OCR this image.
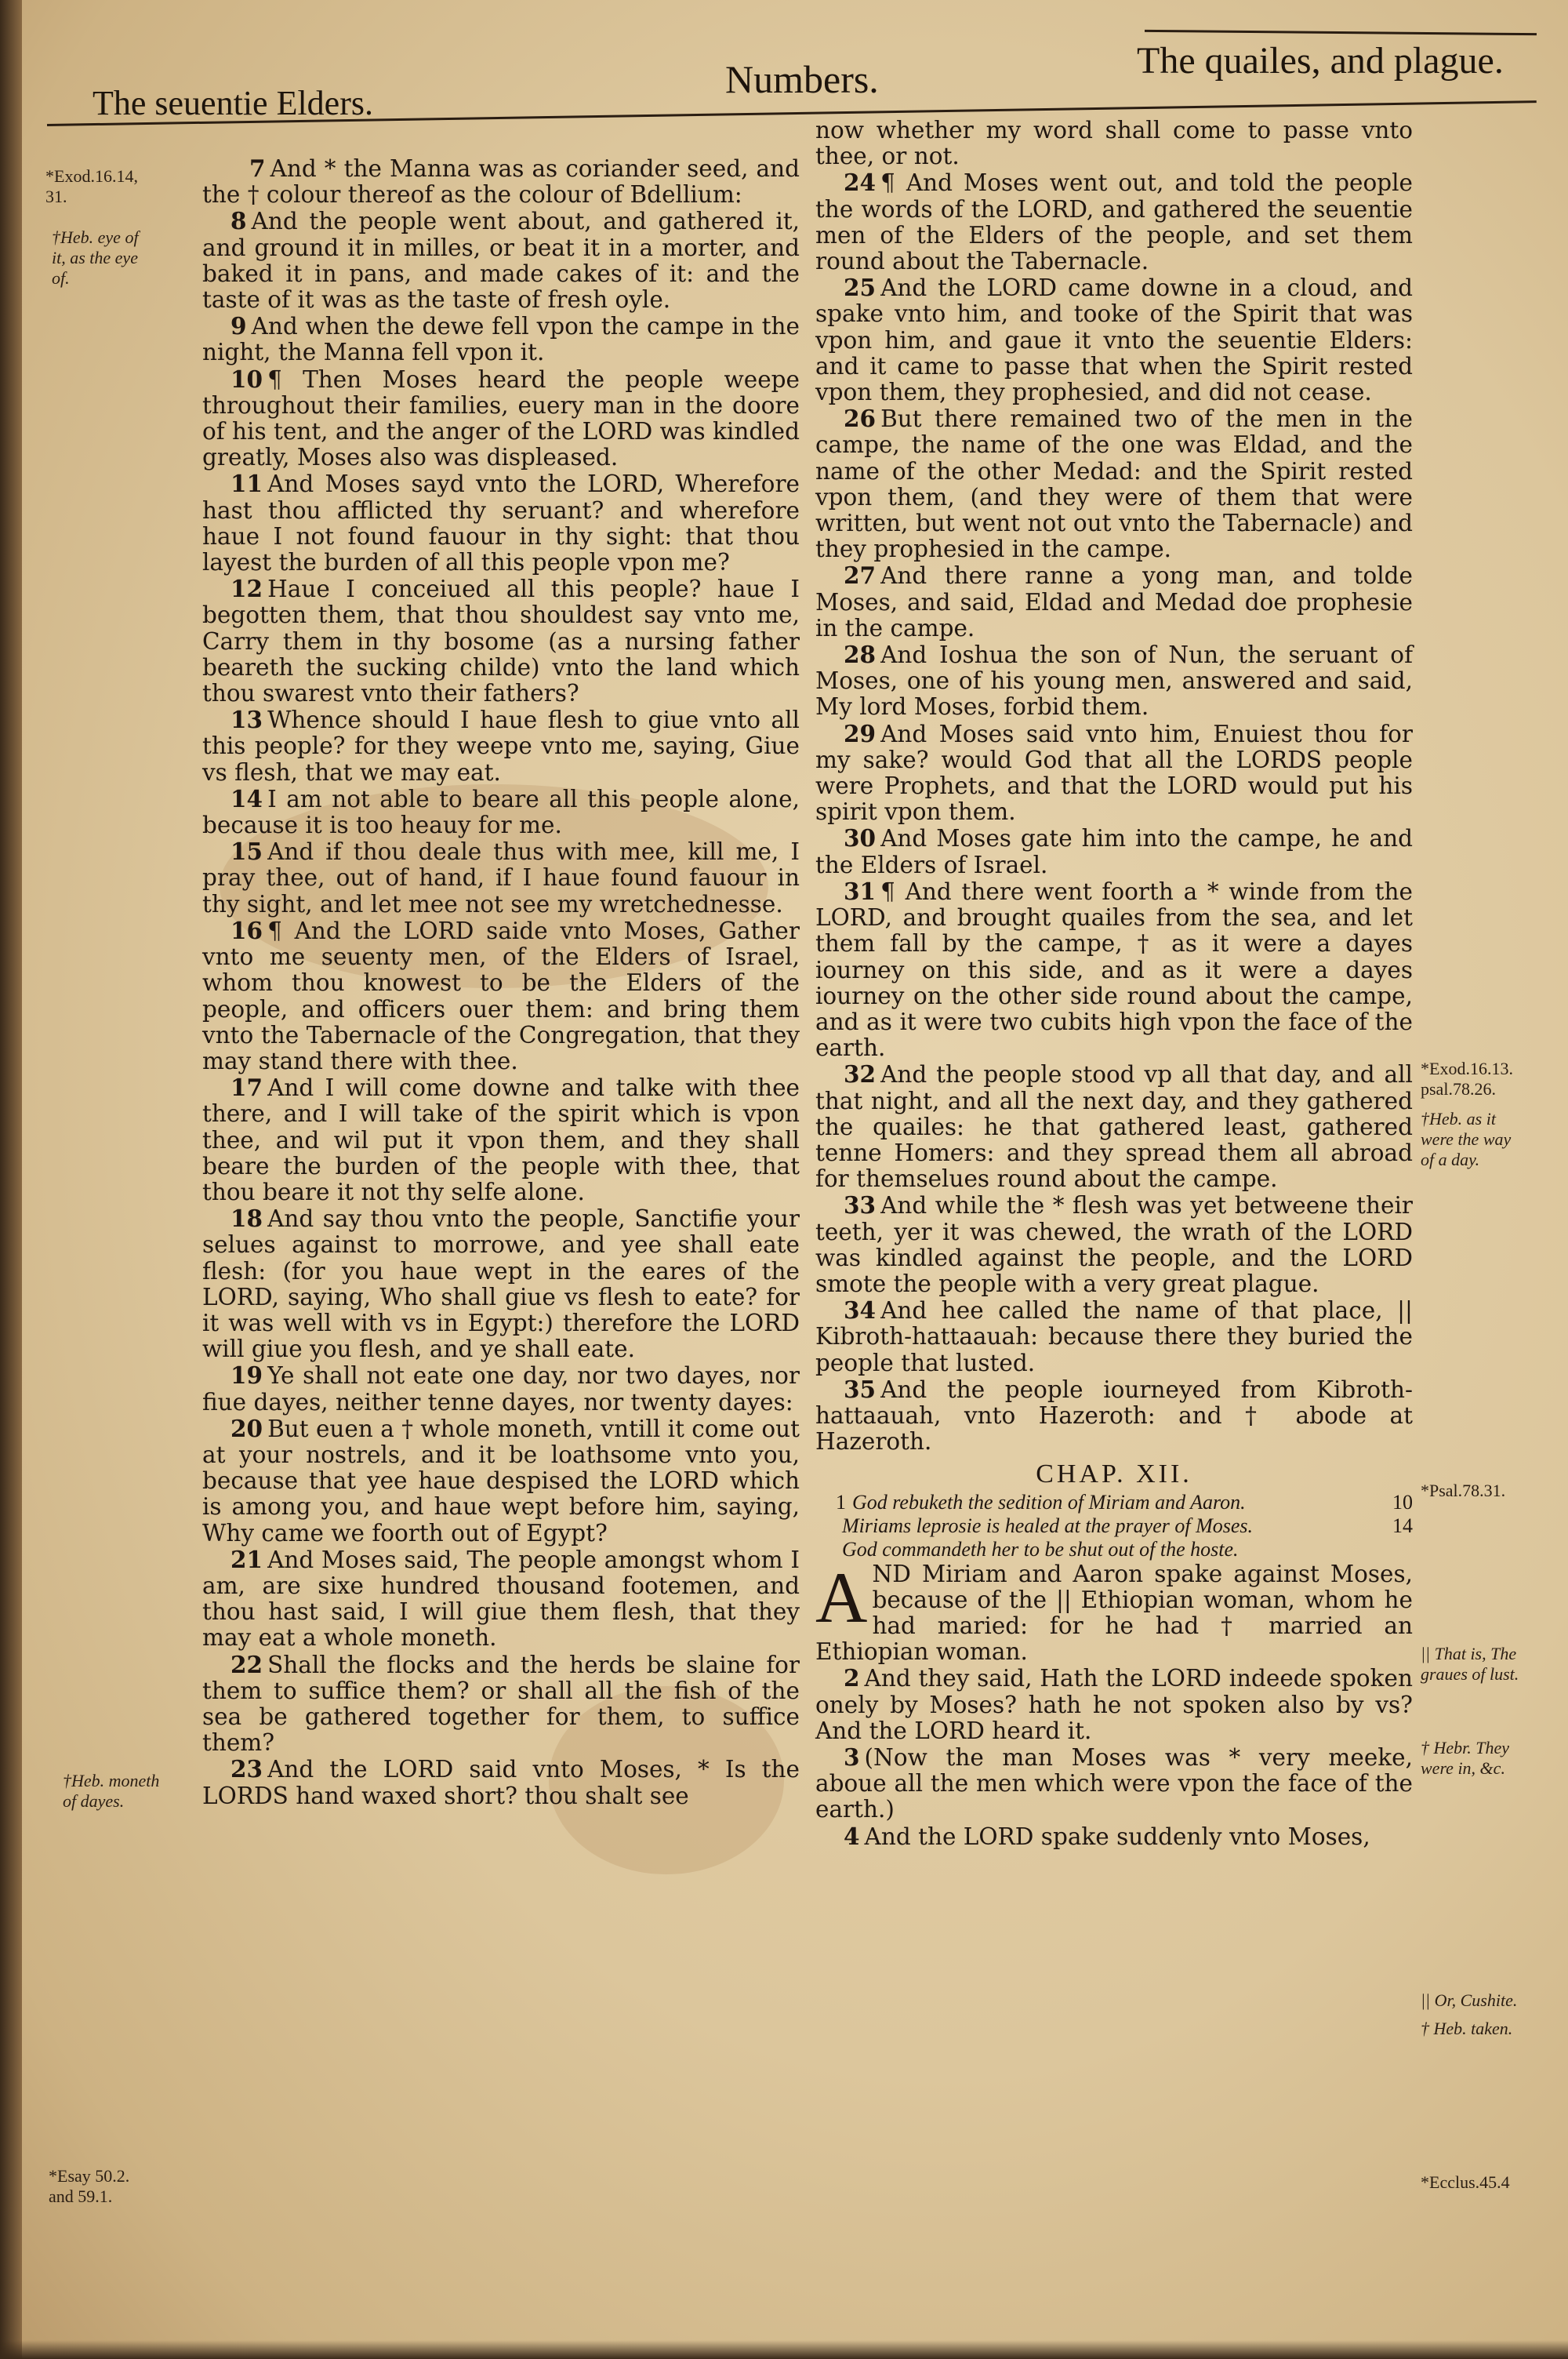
The seuentie Elders.
Numbers.	The quailes, and plague.

7 And * the Manna was as coriander seed, and the † colour thereof as the colour of Bdellium:

8 And the people went about, and gathered it, and ground it in milles, or beat it in a morter, and baked it in pans, and made cakes of it: and the taste of it was as the taste of fresh oyle.

9 And when the dewe fell vpon the campe in the night, the Manna fell vpon it.

10 ¶ Then Moses heard the people weepe throughout their families, euery man in the doore of his tent, and the anger of the LORD was kindled greatly, Moses also was displeased.

11 And Moses sayd vnto the LORD, Wherefore hast thou afflicted thy seruant? and wherefore haue I not found fauour in thy sight: that thou layest the burden of all this people vpon me?

12 Haue I conceiued all this people? haue I begotten them, that thou shouldest say vnto me, Carry them in thy bosome (as a nursing father beareth the sucking childe) vnto the land which thou swarest vnto their fathers?

13 Whence should I haue flesh to giue vnto all this people? for they weepe vnto me, saying, Giue vs flesh, that we may eat.

14 I am not able to beare all this people alone, because it is too heauy for me.

15 And if thou deale thus with mee, kill me, I pray thee, out of hand, if I haue found fauour in thy sight, and let mee not see my wretchednesse.

16 ¶ And the LORD saide vnto Moses, Gather vnto me seuenty men, of the Elders of Israel, whom thou knowest to be the Elders of the people, and officers ouer them: and bring them vnto the Tabernacle of the Congregation, that they may stand there with thee.

17 And I will come downe and talke with thee there, and I will take of the spirit which is vpon thee, and wil put it vpon them, and they shall beare the burden of the people with thee, that thou beare it not thy selfe alone.

18 And say thou vnto the people, Sanctifie your selues against to morrowe, and yee shall eate flesh: (for you haue wept in the eares of the LORD, saying, Who shall giue vs flesh to eate? for it was well with vs in Egypt:) therefore the LORD will giue you flesh, and ye shall eate.

19 Ye shall not eate one day, nor two dayes, nor fiue dayes, neither tenne dayes, nor twenty dayes:

20 But euen a † whole moneth, vntill it come out at your nostrels, and it be loathsome vnto you, because that yee haue despised the LORD which is among you, and haue wept before him, saying, Why came we foorth out of Egypt?

21 And Moses said, The people amongst whom I am, are sixe hundred thousand footemen, and thou hast said, I will giue them flesh, that they may eat a whole moneth.

22 Shall the flocks and the herds be slaine for them to suffice them? or shall all the fish of the sea be gathered together for them, to suffice them?

23 And the LORD said vnto Moses, * Is the LORDS hand waxed short? thou shalt see

now whether my word shall come to passe vnto thee, or not.

24 ¶ And Moses went out, and told the people the words of the LORD, and gathered the seuentie men of the Elders of the people, and set them round about the Tabernacle.

25 And the LORD came downe in a cloud, and spake vnto him, and tooke of the Spirit that was vpon him, and gaue it vnto the seuentie Elders: and it came to passe that when the Spirit rested vpon them, they prophesied, and did not cease.

26 But there remained two of the men in the campe, the name of the one was Eldad, and the name of the other Medad: and the Spirit rested vpon them, (and they were of them that were written, but went not out vnto the Tabernacle) and they prophesied in the campe.

27 And there ranne a yong man, and tolde Moses, and said, Eldad and Medad doe prophesie in the campe.

28 And Ioshua the son of Nun, the seruant of Moses, one of his young men, answered and said, My lord Moses, forbid them.

29 And Moses said vnto him, Enuiest thou for my sake? would God that all the LORDS people were Prophets, and that the LORD would put his spirit vpon them.

30 And Moses gate him into the campe, he and the Elders of Israel.

31 ¶ And there went foorth a * winde from the LORD, and brought quailes from the sea, and let them fall by the campe, † as it were a dayes iourney on this side, and as it were a dayes iourney on the other side round about the campe, and as it were two cubits high vpon the face of the earth.

32 And the people stood vp all that day, and all that night, and all the next day, and they gathered the quailes: he that gathered least, gathered tenne Homers: and they spread them all abroad for themselues round about the campe.

33 And while the * flesh was yet betweene their teeth, yer it was chewed, the wrath of the LORD was kindled against the people, and the LORD smote the people with a very great plague.

34 And hee called the name of that place, || Kibroth-hattaauah: because there they buried the people that lusted.

35 And the people iourneyed from Kibroth-hattaauah, vnto Hazeroth: and † abode at Hazeroth.

CHAP. XII.

10
1 God rebuketh the sedition of Miriam and Aaron.

14
Miriams leprosie is healed at the prayer of Moses.

God commandeth her to be shut out of the hoste.

AND Miriam and Aaron spake against Moses, because of the || Ethiopian woman, whom he had maried: for he had † married an Ethiopian woman.

2 And they said, Hath the LORD indeede spoken onely by Moses? hath he not spoken also by vs? And the LORD heard it.

3 (Now the man Moses was * very meeke, aboue all the men which were vpon the face of the earth.)

4 And the LORD spake suddenly vnto Moses,

*Exod.16.14, 31.
†Heb. eye of it, as the eye of.
†Heb. moneth of dayes.
*Esay 50.2. and 59.1.
*Exod.16.13. psal.78.26.
†Heb. as it were the way of a day.
*Psal.78.31.
|| That is, The graues of lust.
† Hebr. They were in, &c.
|| Or, Cushite.
† Heb. taken.
*Ecclus.45.4
